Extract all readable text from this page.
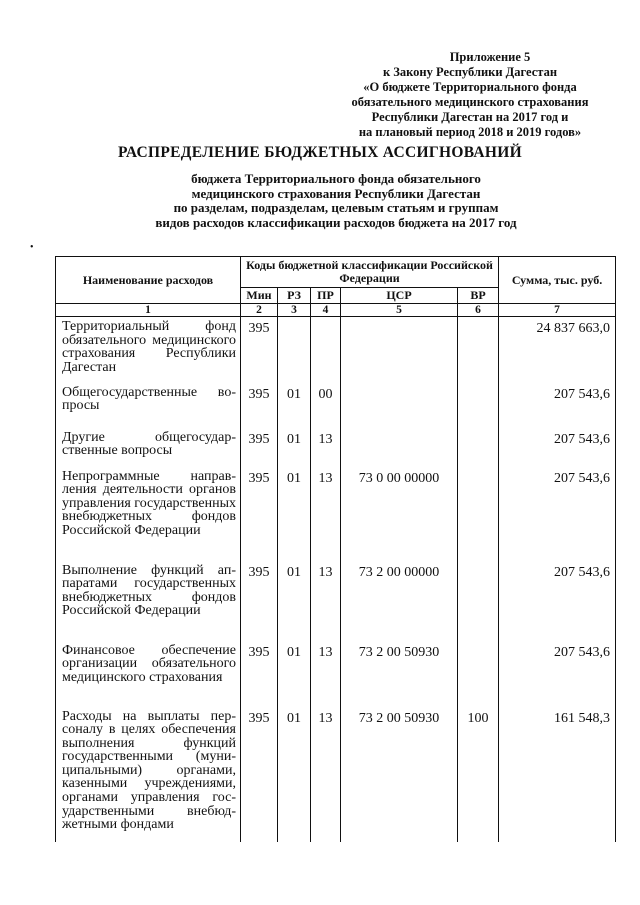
Приложение 5
к Закону Республики Дагестан
«О бюджете Территориального фонда
обязательного медицинского страхования
Республики Дагестан на 2017 год и
на плановый период 2018 и 2019 годов»
РАСПРЕДЕЛЕНИЕ БЮДЖЕТНЫХ АССИГНОВАНИЙ
бюджета Территориального фонда обязательного
медицинского страхования Республики Дагестан
по разделам, подразделам, целевым статьям и группам
видов расходов классификации расходов бюджета на 2017 год
•
Наименование расходов	Коды бюджетной классификации Российской Федерации					Сумма, тыс. руб.
	Мин	РЗ	ПР	ЦСР	ВР	
1	2	3	4	5	6	7
Территориальный фонд обязательного медицинского страхования Республики Дагестан	395					24 837 663,0
Общегосударственные вопросы	395	01	00			207 543,6
Другие общегосударственные вопросы	395	01	13			207 543,6
Непрограммные направления деятельности органов управления государственных внебюджетных фондов Российской Федерации	395	01	13	73 0 00 00000		207 543,6
Выполнение функций аппаратами государственных внебюджетных фондов Российской Федерации	395	01	13	73 2 00 00000		207 543,6
Финансовое обеспечение организации обязательного медицинского страхования	395	01	13	73 2 00 50930		207 543,6
Расходы на выплаты персоналу в целях обеспечения выполнения функций государственными (муниципальными) органами, казенными учреждениями, органами управления государственными внебюджетными фондами	395	01	13	73 2 00 50930	100	161 548,3
